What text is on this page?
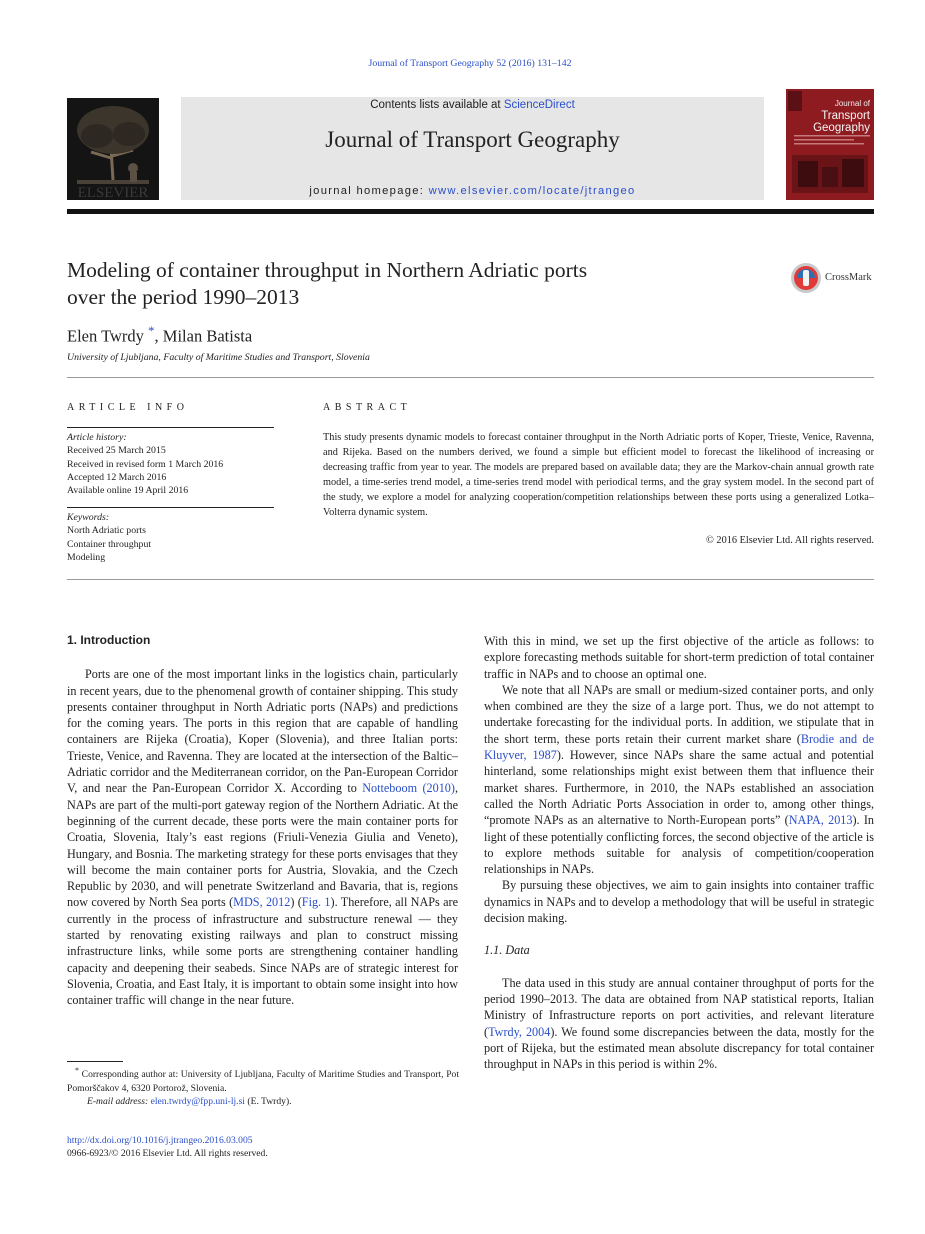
Journal of Transport Geography 52 (2016) 131–142
ELSEVIER
Contents lists available at ScienceDirect
Journal of Transport Geography
journal homepage: www.elsevier.com/locate/jtrangeo
Journal of
Transport
Geography
Modeling of container throughput in Northern Adriatic ports
over the period 1990–2013
CrossMark
Elen Twrdy *, Milan Batista
University of Ljubljana, Faculty of Maritime Studies and Transport, Slovenia
ARTICLE INFO
Article history:
Received 25 March 2015
Received in revised form 1 March 2016
Accepted 12 March 2016
Available online 19 April 2016
Keywords:
North Adriatic ports
Container throughput
Modeling
ABSTRACT
This study presents dynamic models to forecast container throughput in the North Adriatic ports of Koper, Trieste, Venice, Ravenna, and Rijeka. Based on the numbers derived, we found a simple but efficient model to forecast the likelihood of increasing or decreasing traffic from year to year. The models are prepared based on available data; they are the Markov-chain annual growth rate model, a time-series trend model, a time-series trend model with periodical terms, and the gray system model. In the second part of the study, we explore a model for analyzing cooperation/competition relationships between these ports using a generalized Lotka–Volterra dynamic system.
© 2016 Elsevier Ltd. All rights reserved.
1. Introduction

Ports are one of the most important links in the logistics chain, particularly in recent years, due to the phenomenal growth of container shipping. This study presents container throughput in North Adriatic ports (NAPs) and predictions for the coming years. The ports in this region that are capable of handling containers are Rijeka (Croatia), Koper (Slovenia), and three Italian ports: Trieste, Venice, and Ravenna. They are located at the intersection of the Baltic–Adriatic corridor and the Mediterranean corridor, on the Pan-European Corridor V, and near the Pan-European Corridor X. According to Notteboom (2010), NAPs are part of the multi-port gateway region of the Northern Adriatic. At the beginning of the current decade, these ports were the main container ports for Croatia, Slovenia, Italy’s east regions (Friuli-Venezia Giulia and Veneto), Hungary, and Bosnia. The marketing strategy for these ports envisages that they will become the main container ports for Austria, Slovakia, and the Czech Republic by 2030, and will penetrate Switzerland and Bavaria, that is, regions now covered by North Sea ports (MDS, 2012) (Fig. 1). Therefore, all NAPs are currently in the process of infrastructure and substructure renewal — they started by renovating existing railways and plan to construct missing infrastructure links, while some ports are strengthening container handling capacity and deepening their seabeds. Since NAPs are of strategic interest for Slovenia, Croatia, and East Italy, it is important to obtain some insight into how container traffic will change in the near future.

With this in mind, we set up the first objective of the article as follows: to explore forecasting methods suitable for short-term prediction of total container traffic in NAPs and to choose an optimal one.

We note that all NAPs are small or medium-sized container ports, and only when combined are they the size of a large port. Thus, we do not attempt to undertake forecasting for the individual ports. In addition, we stipulate that in the short term, these ports retain their current market share (Brodie and de Kluyver, 1987). However, since NAPs share the same actual and potential hinterland, some relationships might exist between them that influence their market shares. Furthermore, in 2010, the NAPs established an association called the North Adriatic Ports Association in order to, among other things, “promote NAPs as an alternative to North-European ports” (NAPA, 2013). In light of these potentially conflicting forces, the second objective of the article is to explore methods suitable for analysis of competition/cooperation relationships in NAPs.

By pursuing these objectives, we aim to gain insights into container traffic dynamics in NAPs and to develop a methodology that will be useful in strategic decision making.

1.1. Data

The data used in this study are annual container throughput of ports for the period 1990–2013. The data are obtained from NAP statistical reports, Italian Ministry of Infrastructure reports on port activities, and relevant literature (Twrdy, 2004). We found some discrepancies between the data, mostly for the port of Rijeka, but the estimated mean absolute discrepancy for total container throughput in NAPs in this period is within 2%.

* Corresponding author at: University of Ljubljana, Faculty of Maritime Studies and Transport, Pot Pomorščakov 4, 6320 Portorož, Slovenia.
E-mail address: elen.twrdy@fpp.uni-lj.si (E. Twrdy).
http://dx.doi.org/10.1016/j.jtrangeo.2016.03.005
0966-6923/© 2016 Elsevier Ltd. All rights reserved.
